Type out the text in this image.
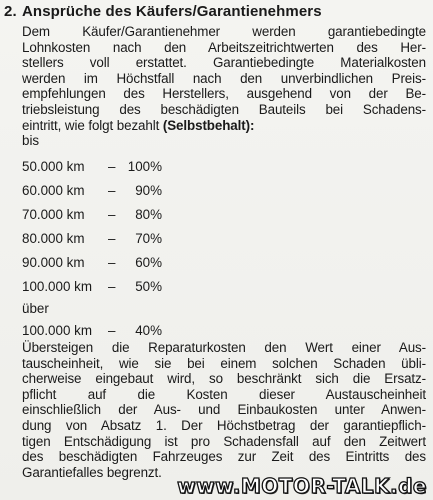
2. Ansprüche des Käufers/Garantienehmers
Dem Käufer/Garantienehmer werden garantiebedingte
Lohnkosten nach den Arbeitszeitrichtwerten des Her-
stellers voll erstattet. Garantiebedingte Materialkosten
werden im Höchstfall nach den unverbindlichen Preis-
empfehlungen des Herstellers, ausgehend von der Be-
triebsleistung des beschädigten Bauteils bei Schadens-
eintritt, wie folgt bezahlt (Selbstbehalt):
bis
50.000 km – 100%
60.000 km – 90%
70.000 km – 80%
80.000 km – 70%
90.000 km – 60%
100.000 km – 50%
über
100.000 km – 40%
Übersteigen die Reparaturkosten den Wert einer Aus-
tauscheinheit, wie sie bei einem solchen Schaden übli-
cherweise eingebaut wird, so beschränkt sich die Ersatz-
pflicht auf die Kosten dieser Austauscheinheit
einschließlich der Aus- und Einbaukosten unter Anwen-
dung von Absatz 1. Der Höchstbetrag der garantiepflich-
tigen Entschädigung ist pro Schadensfall auf den Zeitwert
des beschädigten Fahrzeuges zur Zeit des Eintritts des
Garantiefalles begrenzt.
www.MOTOR-TALK.de
